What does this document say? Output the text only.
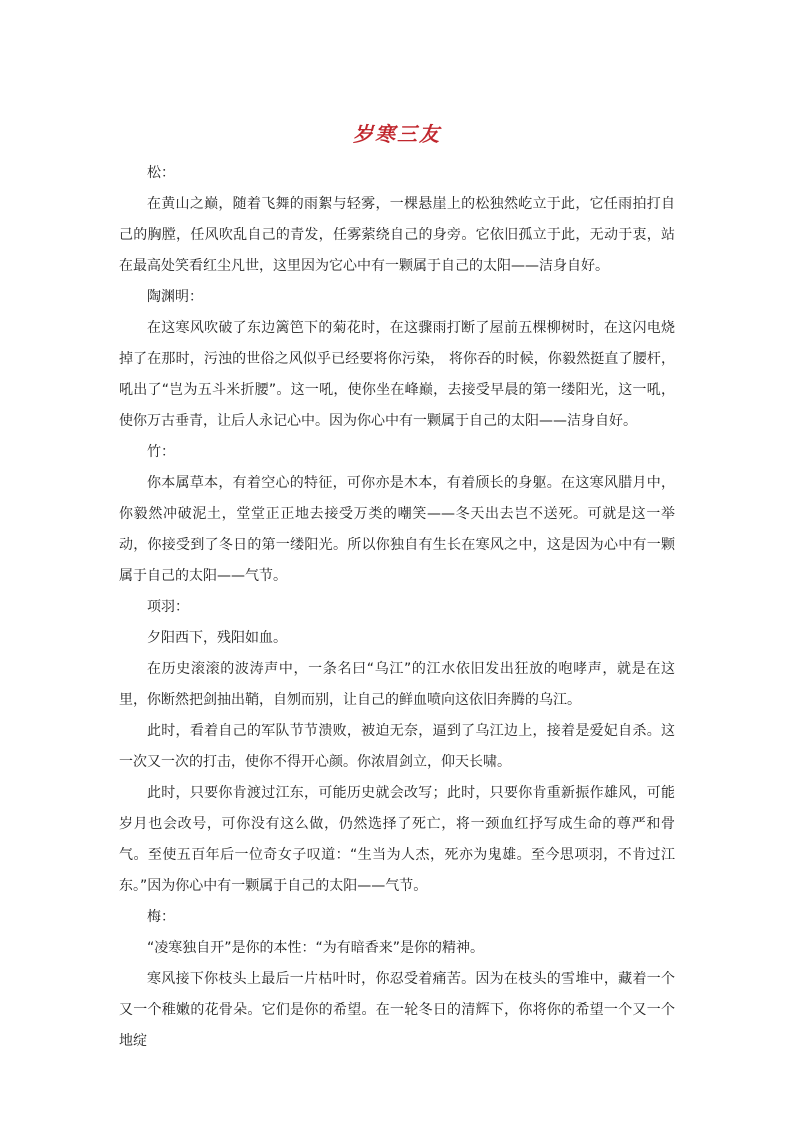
岁寒三友

松：

在黄山之巅，随着飞舞的雨絮与轻雾，一棵悬崖上的松独然屹立于此，它任雨拍打自己的胸膛，任风吹乱自己的青发，任雾萦绕自己的身旁。它依旧孤立于此，无动于衷，站在最高处笑看红尘凡世，这里因为它心中有一颗属于自己的太阳——洁身自好。

陶渊明：

在这寒风吹破了东边篱笆下的菊花时，在这骤雨打断了屋前五棵柳树时，在这闪电烧掉了在那时，污浊的世俗之风似乎已经要将你污染， 将你吞的时候，你毅然挺直了腰杆，吼出了“岂为五斗米折腰”。这一吼，使你坐在峰巅，去接受早晨的第一缕阳光，这一吼，使你万古垂青，让后人永记心中。因为你心中有一颗属于自己的太阳——洁身自好。

竹：

你本属草本，有着空心的特征，可你亦是木本，有着颀长的身躯。在这寒风腊月中，你毅然冲破泥土，堂堂正正地去接受万类的嘲笑——冬天出去岂不送死。可就是这一举动，你接受到了冬日的第一缕阳光。所以你独自有生长在寒风之中，这是因为心中有一颗属于自己的太阳——气节。

项羽：

夕阳西下，残阳如血。

在历史滚滚的波涛声中，一条名曰“乌江”的江水依旧发出狂放的咆哮声，就是在这里，你断然把剑抽出鞘，自刎而别，让自己的鲜血喷向这依旧奔腾的乌江。

此时，看着自己的军队节节溃败，被迫无奈，逼到了乌江边上，接着是爱妃自杀。这一次又一次的打击，使你不得开心颜。你浓眉剑立，仰天长啸。

此时，只要你肯渡过江东，可能历史就会改写；此时，只要你肯重新振作雄风，可能岁月也会改号，可你没有这么做，仍然选择了死亡，将一颈血红抒写成生命的尊严和骨气。至使五百年后一位奇女子叹道：“生当为人杰，死亦为鬼雄。至今思项羽，不肯过江东。”因为你心中有一颗属于自己的太阳——气节。

梅：

“凌寒独自开”是你的本性：“为有暗香来”是你的精神。

寒风接下你枝头上最后一片枯叶时，你忍受着痛苦。因为在枝头的雪堆中，藏着一个又一个稚嫩的花骨朵。它们是你的希望。在一轮冬日的清辉下，你将你的希望一个又一个地绽
